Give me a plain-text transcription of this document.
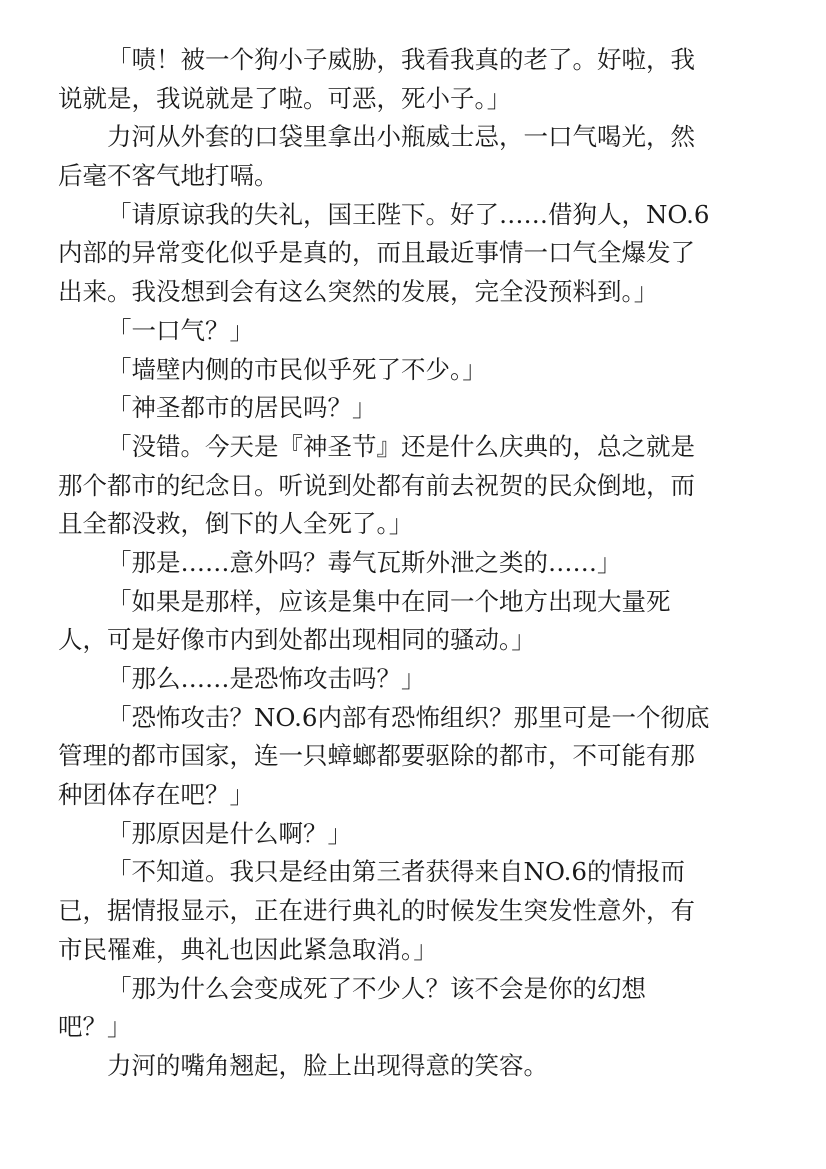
「啧！被一个狗小子威胁，我看我真的老了。好啦，我
说就是，我说就是了啦。可恶，死小子。」
力河从外套的口袋里拿出小瓶威士忌，一口气喝光，然
后毫不客气地打嗝。
「请原谅我的失礼，国王陛下。好了……借狗人，NO.6
内部的异常变化似乎是真的，而且最近事情一口气全爆发了
出来。我没想到会有这么突然的发展，完全没预料到。」
「一口气？」
「墙壁内侧的市民似乎死了不少。」
「神圣都市的居民吗？」
「没错。今天是『神圣节』还是什么庆典的，总之就是
那个都市的纪念日。听说到处都有前去祝贺的民众倒地，而
且全都没救，倒下的人全死了。」
「那是……意外吗？毒气瓦斯外泄之类的……」
「如果是那样，应该是集中在同一个地方出现大量死
人，可是好像市内到处都出现相同的骚动。」
「那么……是恐怖攻击吗？」
「恐怖攻击？NO.6内部有恐怖组织？那里可是一个彻底
管理的都市国家，连一只蟑螂都要驱除的都市，不可能有那
种团体存在吧？」
「那原因是什么啊？」
「不知道。我只是经由第三者获得来自NO.6的情报而
已，据情报显示，正在进行典礼的时候发生突发性意外，有
市民罹难，典礼也因此紧急取消。」
「那为什么会变成死了不少人？该不会是你的幻想
吧？」
力河的嘴角翘起，脸上出现得意的笑容。
